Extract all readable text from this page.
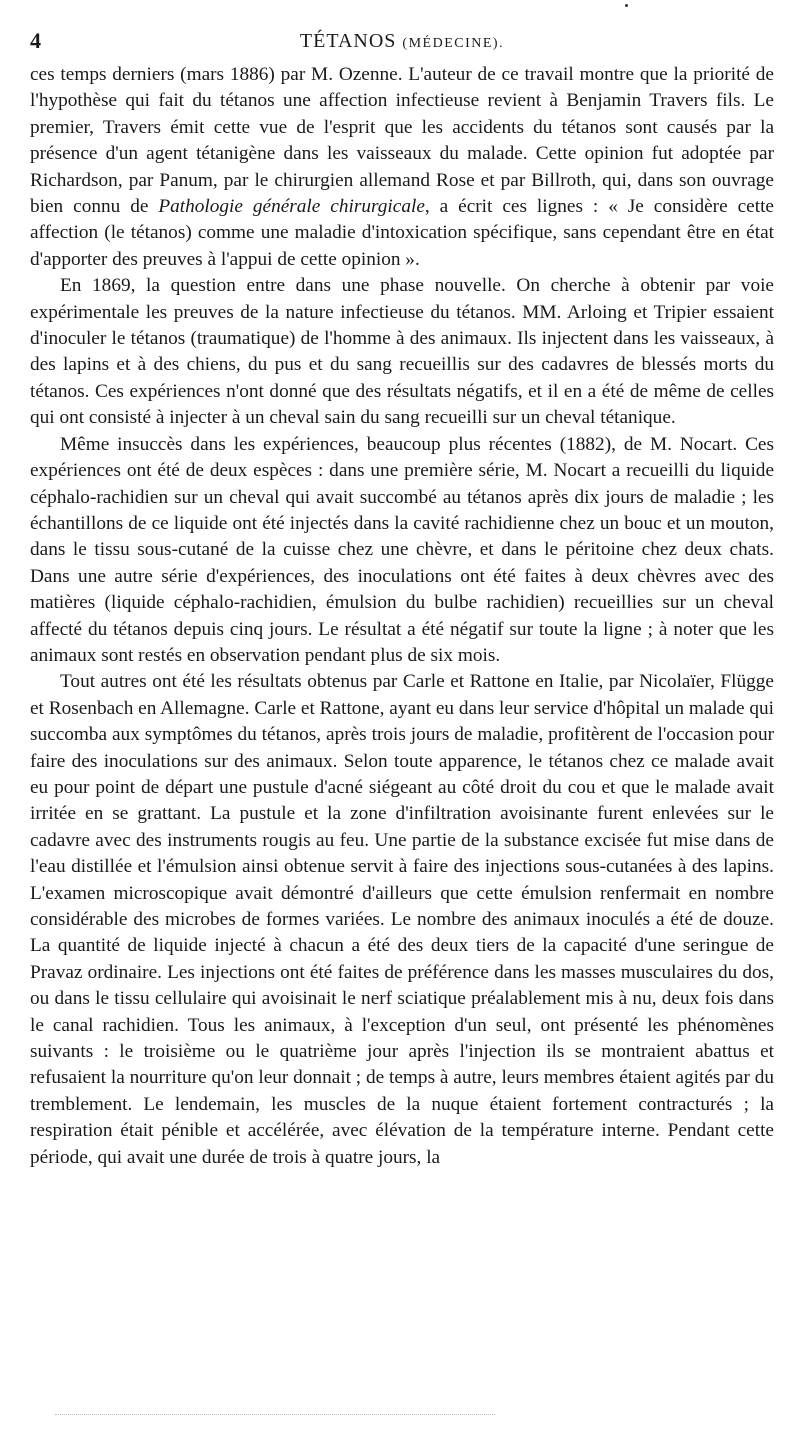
4	TÉTANOS (MÉDECINE).

ces temps derniers (mars 1886) par M. Ozenne. L'auteur de ce travail montre que la priorité de l'hypothèse qui fait du tétanos une affection infectieuse revient à Benjamin Travers fils. Le premier, Travers émit cette vue de l'esprit que les accidents du tétanos sont causés par la présence d'un agent tétanigène dans les vaisseaux du malade. Cette opinion fut adoptée par Richardson, par Panum, par le chirurgien allemand Rose et par Billroth, qui, dans son ouvrage bien connu de Pathologie générale chirurgicale, a écrit ces lignes : « Je considère cette affection (le tétanos) comme une maladie d'intoxication spécifique, sans cependant être en état d'apporter des preuves à l'appui de cette opinion ».

En 1869, la question entre dans une phase nouvelle. On cherche à obtenir par voie expérimentale les preuves de la nature infectieuse du tétanos. MM. Arloing et Tripier essaient d'inoculer le tétanos (traumatique) de l'homme à des animaux. Ils injectent dans les vaisseaux, à des lapins et à des chiens, du pus et du sang recueillis sur des cadavres de blessés morts du tétanos. Ces expériences n'ont donné que des résultats négatifs, et il en a été de même de celles qui ont consisté à injecter à un cheval sain du sang recueilli sur un cheval tétanique.

Même insuccès dans les expériences, beaucoup plus récentes (1882), de M. Nocart. Ces expériences ont été de deux espèces : dans une première série, M. Nocart a recueilli du liquide céphalo-rachidien sur un cheval qui avait succombé au tétanos après dix jours de maladie ; les échantillons de ce liquide ont été injectés dans la cavité rachidienne chez un bouc et un mouton, dans le tissu sous-cutané de la cuisse chez une chèvre, et dans le péritoine chez deux chats. Dans une autre série d'expériences, des inoculations ont été faites à deux chèvres avec des matières (liquide céphalo-rachidien, émulsion du bulbe rachidien) recueillies sur un cheval affecté du tétanos depuis cinq jours. Le résultat a été négatif sur toute la ligne ; à noter que les animaux sont restés en observation pendant plus de six mois.

Tout autres ont été les résultats obtenus par Carle et Rattone en Italie, par Nicolaïer, Flügge et Rosenbach en Allemagne. Carle et Rattone, ayant eu dans leur service d'hôpital un malade qui succomba aux symptômes du tétanos, après trois jours de maladie, profitèrent de l'occasion pour faire des inoculations sur des animaux. Selon toute apparence, le tétanos chez ce malade avait eu pour point de départ une pustule d'acné siégeant au côté droit du cou et que le malade avait irritée en se grattant. La pustule et la zone d'infiltration avoisinante furent enlevées sur le cadavre avec des instruments rougis au feu. Une partie de la substance excisée fut mise dans de l'eau distillée et l'émulsion ainsi obtenue servit à faire des injections sous-cutanées à des lapins. L'examen microscopique avait démontré d'ailleurs que cette émulsion renfermait en nombre considérable des microbes de formes variées. Le nombre des animaux inoculés a été de douze. La quantité de liquide injecté à chacun a été des deux tiers de la capacité d'une seringue de Pravaz ordinaire. Les injections ont été faites de préférence dans les masses musculaires du dos, ou dans le tissu cellulaire qui avoisinait le nerf sciatique préalablement mis à nu, deux fois dans le canal rachidien. Tous les animaux, à l'exception d'un seul, ont présenté les phénomènes suivants : le troisième ou le quatrième jour après l'injection ils se montraient abattus et refusaient la nourriture qu'on leur donnait ; de temps à autre, leurs membres étaient agités par du tremblement. Le lendemain, les muscles de la nuque étaient fortement contracturés ; la respiration était pénible et accélérée, avec élévation de la température interne. Pendant cette période, qui avait une durée de trois à quatre jours, la
